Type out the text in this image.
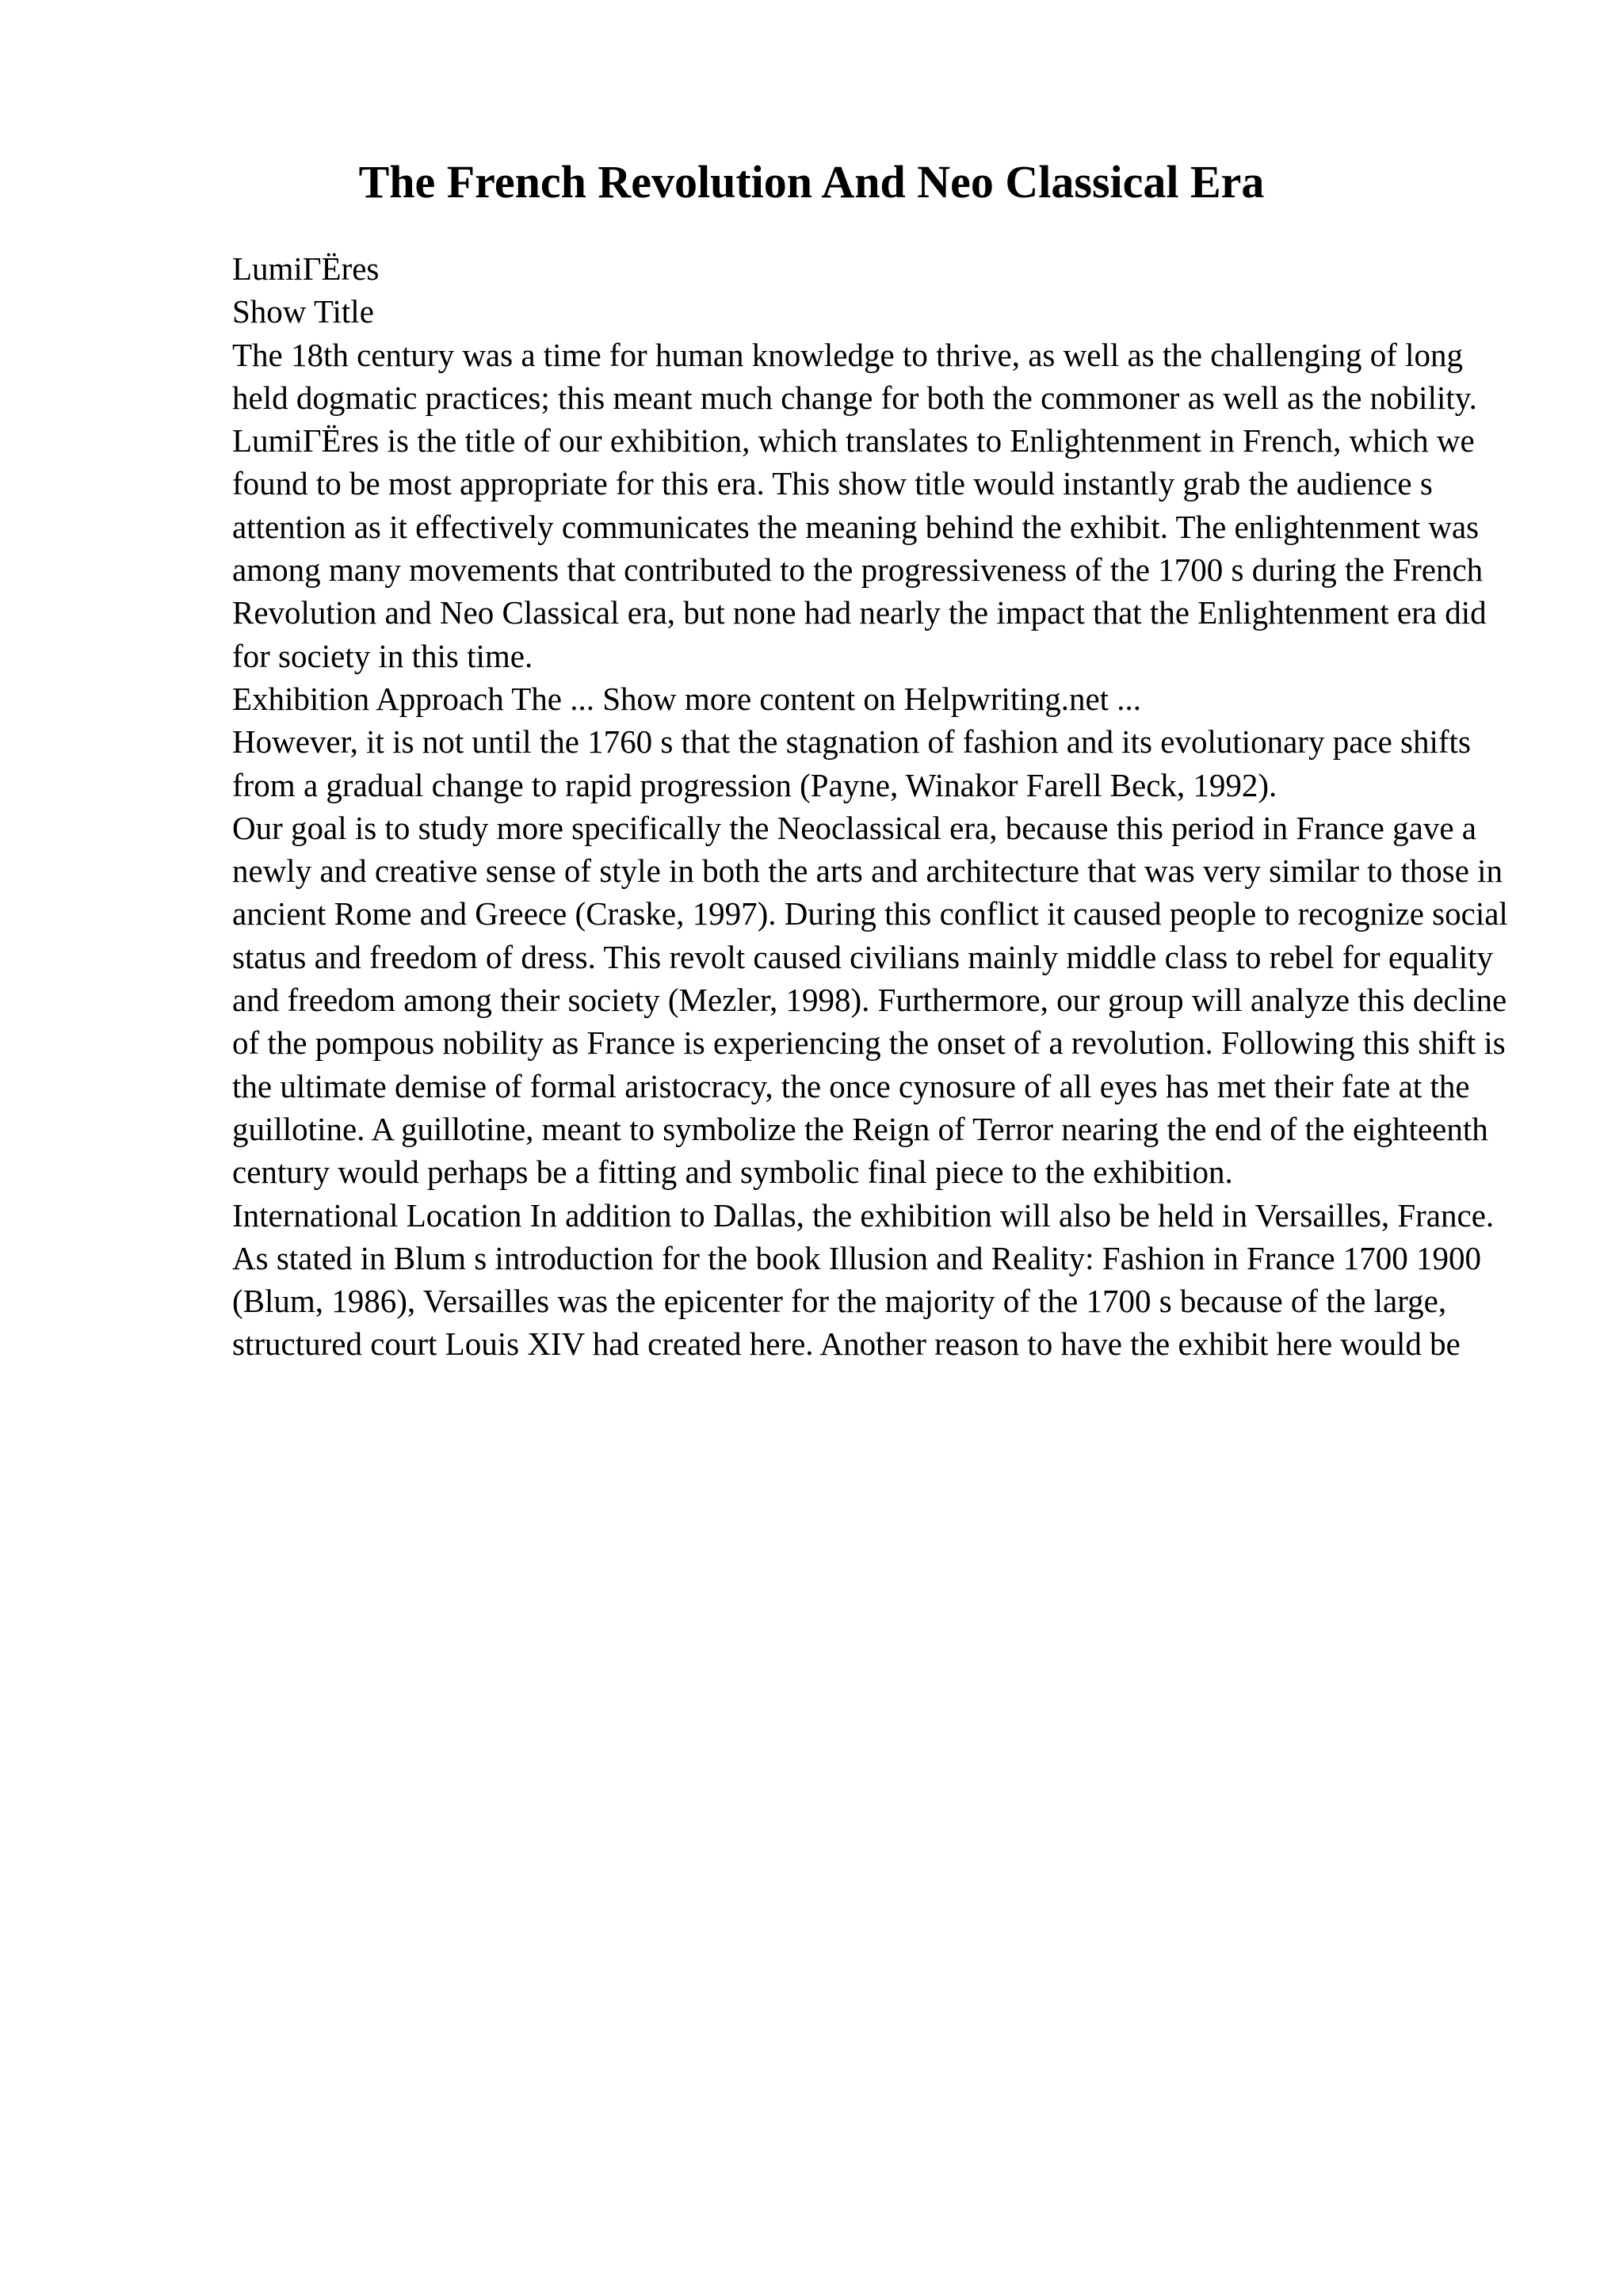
The French Revolution And Neo Classical Era

LumiΓËres

Show Title

The 18th century was a time for human knowledge to thrive, as well as the challenging of long held dogmatic practices; this meant much change for both the commoner as well as the nobility. LumiΓËres is the title of our exhibition, which translates to Enlightenment in French, which we found to be most appropriate for this era. This show title would instantly grab the audience s attention as it effectively communicates the meaning behind the exhibit. The enlightenment was among many movements that contributed to the progressiveness of the 1700 s during the French Revolution and Neo Classical era, but none had nearly the impact that the Enlightenment era did for society in this time.

Exhibition Approach The ... Show more content on Helpwriting.net ...

However, it is not until the 1760 s that the stagnation of fashion and its evolutionary pace shifts from a gradual change to rapid progression (Payne, Winakor Farell Beck, 1992).

Our goal is to study more specifically the Neoclassical era, because this period in France gave a newly and creative sense of style in both the arts and architecture that was very similar to those in ancient Rome and Greece (Craske, 1997). During this conflict it caused people to recognize social status and freedom of dress. This revolt caused civilians mainly middle class to rebel for equality and freedom among their society (Mezler, 1998). Furthermore, our group will analyze this decline of the pompous nobility as France is experiencing the onset of a revolution. Following this shift is the ultimate demise of formal aristocracy, the once cynosure of all eyes has met their fate at the guillotine. A guillotine, meant to symbolize the Reign of Terror nearing the end of the eighteenth century would perhaps be a fitting and symbolic final piece to the exhibition.

International Location In addition to Dallas, the exhibition will also be held in Versailles, France.

As stated in Blum s introduction for the book Illusion and Reality: Fashion in France 1700 1900 (Blum, 1986), Versailles was the epicenter for the majority of the 1700 s because of the large, structured court Louis XIV had created here. Another reason to have the exhibit here would be
